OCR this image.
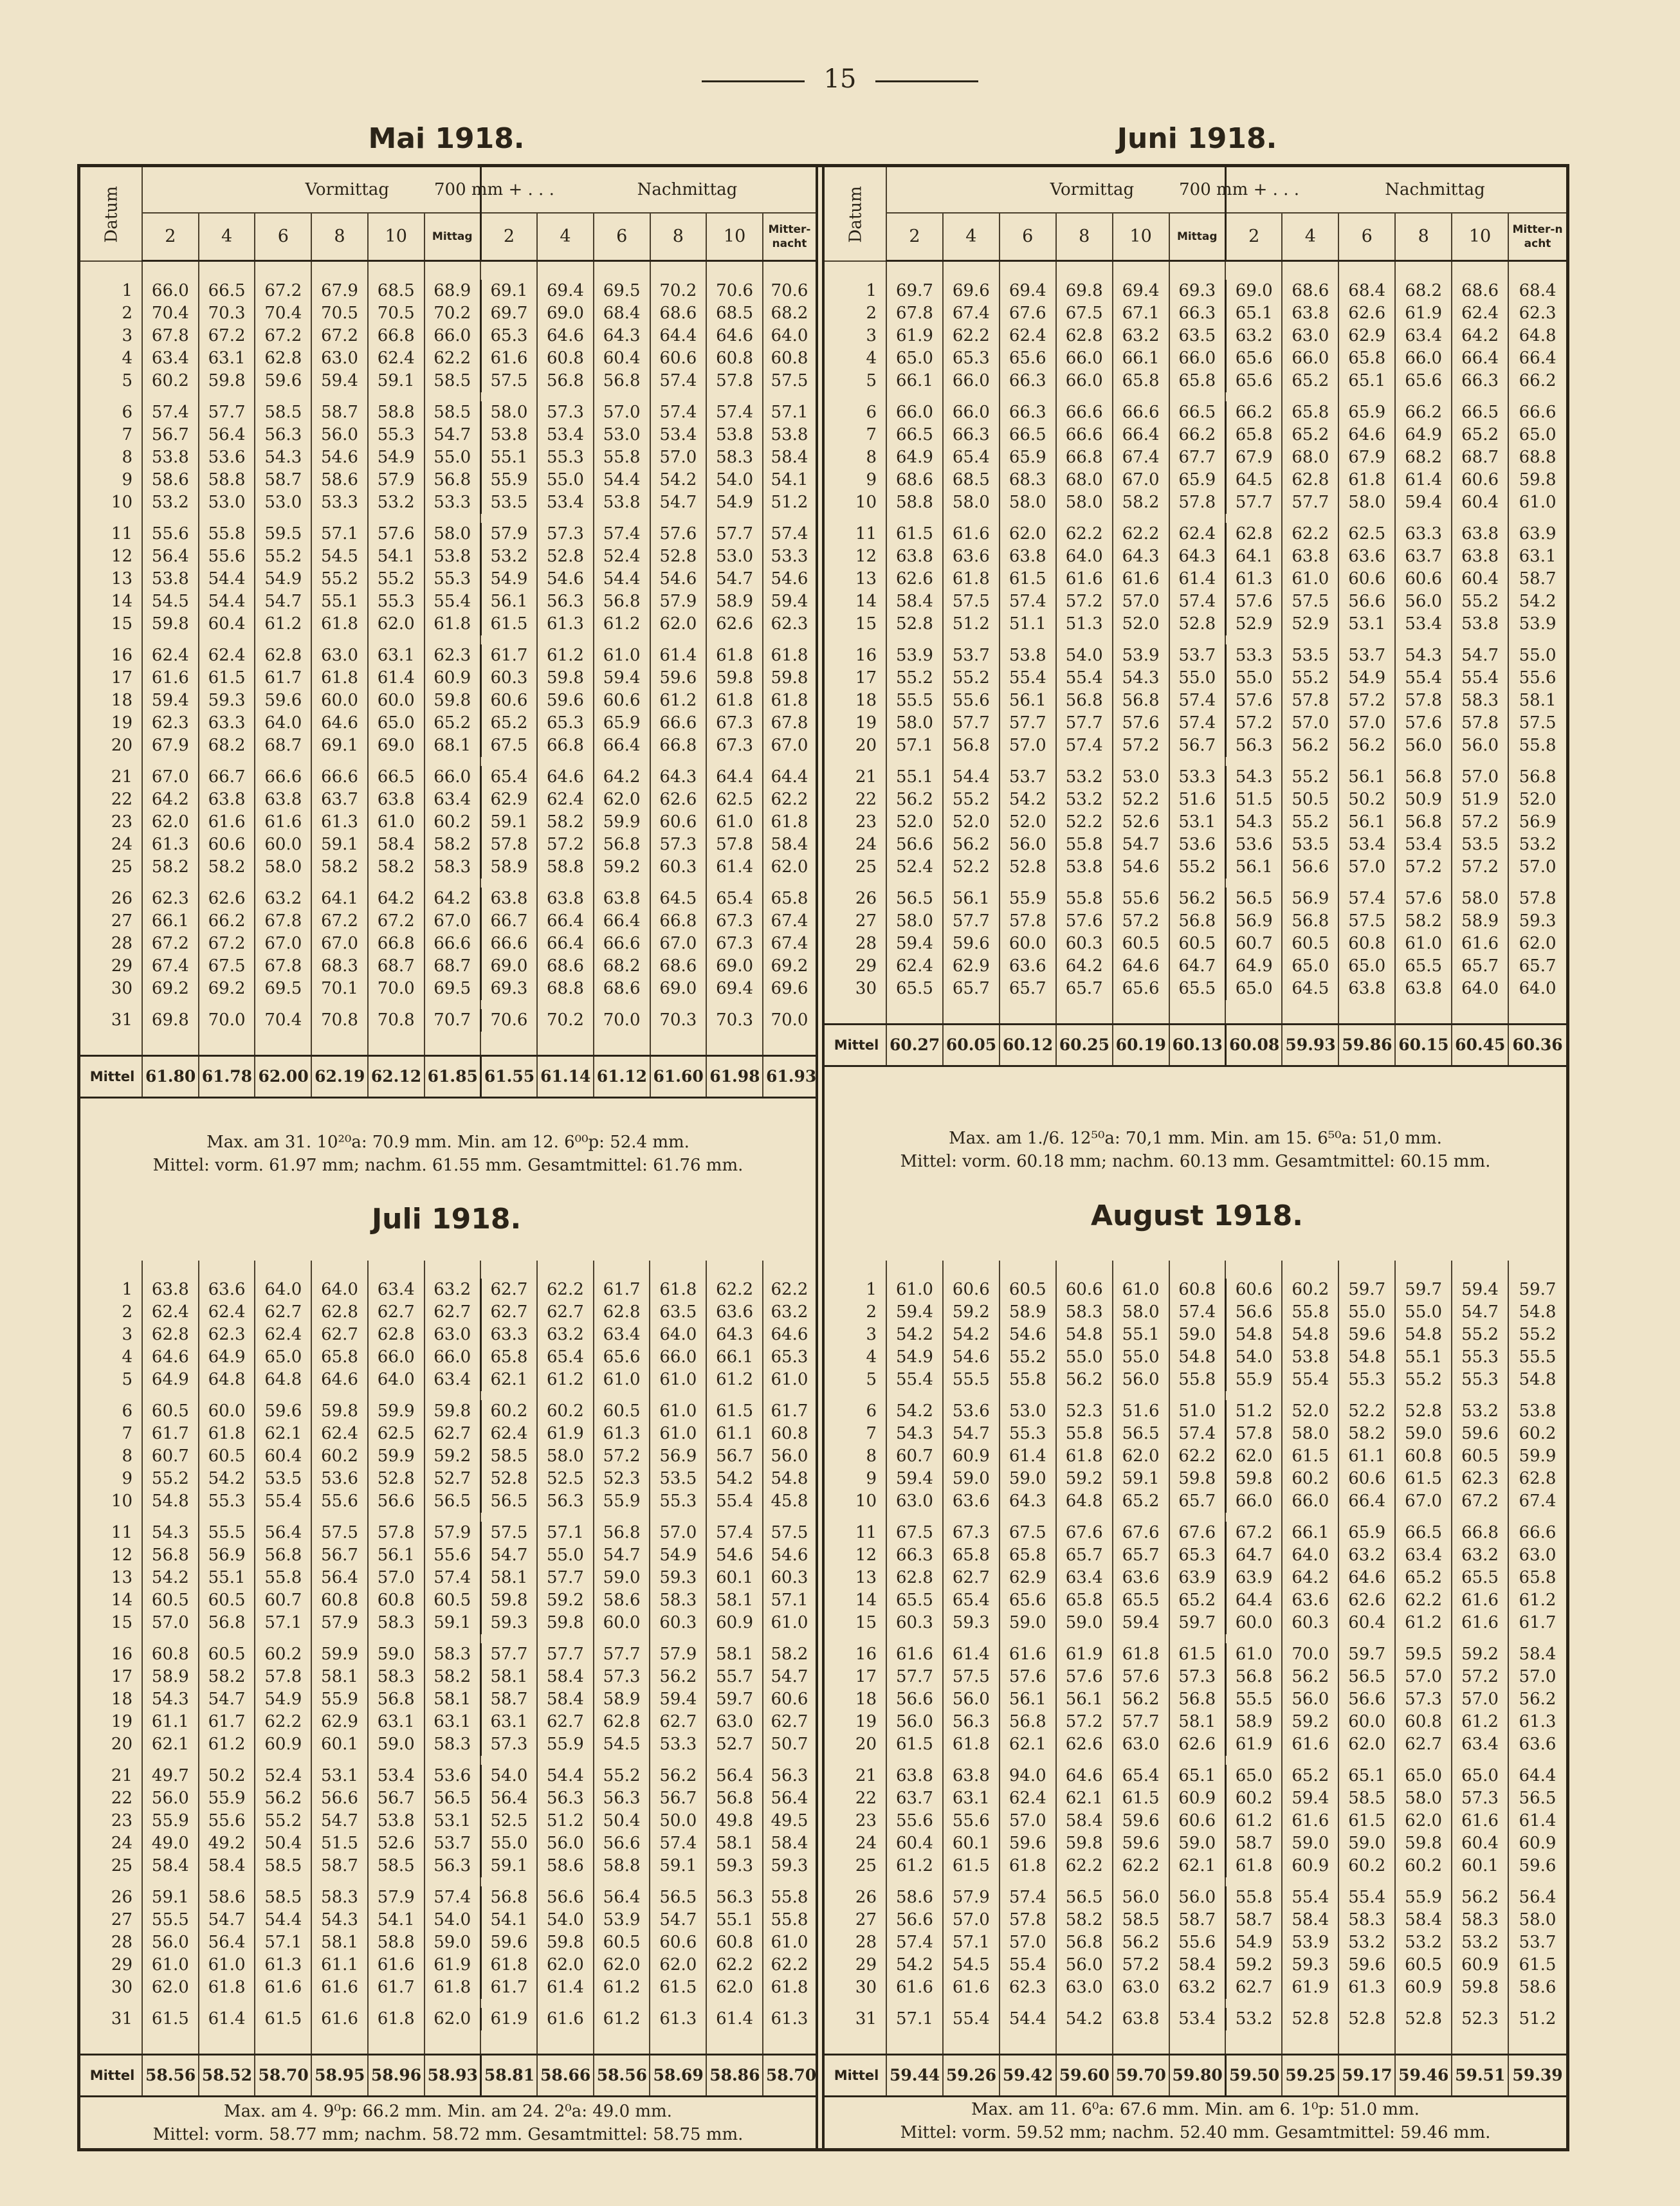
15
Mai 1918.	Juni 1918.
Juli 1918.	August 1918.
Datum	Vormittag 700 mm + . . .						Nachmittag					
	2	4	6	8	10	Mittag	2	4	6	8	10	Mitter-nacht

1	66.0	66.5	67.2	67.9	68.5	68.9	69.1	69.4	69.5	70.2	70.6	70.6
2	70.4	70.3	70.4	70.5	70.5	70.2	69.7	69.0	68.4	68.6	68.5	68.2
3	67.8	67.2	67.2	67.2	66.8	66.0	65.3	64.6	64.3	64.4	64.6	64.0
4	63.4	63.1	62.8	63.0	62.4	62.2	61.6	60.8	60.4	60.6	60.8	60.8
5	60.2	59.8	59.6	59.4	59.1	58.5	57.5	56.8	56.8	57.4	57.8	57.5

6	57.4	57.7	58.5	58.7	58.8	58.5	58.0	57.3	57.0	57.4	57.4	57.1
7	56.7	56.4	56.3	56.0	55.3	54.7	53.8	53.4	53.0	53.4	53.8	53.8
8	53.8	53.6	54.3	54.6	54.9	55.0	55.1	55.3	55.8	57.0	58.3	58.4
9	58.6	58.8	58.7	58.6	57.9	56.8	55.9	55.0	54.4	54.2	54.0	54.1
10	53.2	53.0	53.0	53.3	53.2	53.3	53.5	53.4	53.8	54.7	54.9	51.2

11	55.6	55.8	59.5	57.1	57.6	58.0	57.9	57.3	57.4	57.6	57.7	57.4
12	56.4	55.6	55.2	54.5	54.1	53.8	53.2	52.8	52.4	52.8	53.0	53.3
13	53.8	54.4	54.9	55.2	55.2	55.3	54.9	54.6	54.4	54.6	54.7	54.6
14	54.5	54.4	54.7	55.1	55.3	55.4	56.1	56.3	56.8	57.9	58.9	59.4
15	59.8	60.4	61.2	61.8	62.0	61.8	61.5	61.3	61.2	62.0	62.6	62.3

16	62.4	62.4	62.8	63.0	63.1	62.3	61.7	61.2	61.0	61.4	61.8	61.8
17	61.6	61.5	61.7	61.8	61.4	60.9	60.3	59.8	59.4	59.6	59.8	59.8
18	59.4	59.3	59.6	60.0	60.0	59.8	60.6	59.6	60.6	61.2	61.8	61.8
19	62.3	63.3	64.0	64.6	65.0	65.2	65.2	65.3	65.9	66.6	67.3	67.8
20	67.9	68.2	68.7	69.1	69.0	68.1	67.5	66.8	66.4	66.8	67.3	67.0

21	67.0	66.7	66.6	66.6	66.5	66.0	65.4	64.6	64.2	64.3	64.4	64.4
22	64.2	63.8	63.8	63.7	63.8	63.4	62.9	62.4	62.0	62.6	62.5	62.2
23	62.0	61.6	61.6	61.3	61.0	60.2	59.1	58.2	59.9	60.6	61.0	61.8
24	61.3	60.6	60.0	59.1	58.4	58.2	57.8	57.2	56.8	57.3	57.8	58.4
25	58.2	58.2	58.0	58.2	58.2	58.3	58.9	58.8	59.2	60.3	61.4	62.0

26	62.3	62.6	63.2	64.1	64.2	64.2	63.8	63.8	63.8	64.5	65.4	65.8
27	66.1	66.2	67.8	67.2	67.2	67.0	66.7	66.4	66.4	66.8	67.3	67.4
28	67.2	67.2	67.0	67.0	66.8	66.6	66.6	66.4	66.6	67.0	67.3	67.4
29	67.4	67.5	67.8	68.3	68.7	68.7	69.0	68.6	68.2	68.6	69.0	69.2
30	69.2	69.2	69.5	70.1	70.0	69.5	69.3	68.8	68.6	69.0	69.4	69.6

31	69.8	70.0	70.4	70.8	70.8	70.7	70.6	70.2	70.0	70.3	70.3	70.0

Mittel	61.80	61.78	62.00	62.19	62.12	61.85	61.55	61.14	61.12	61.60	61.98	61.93
Datum	Vormittag 700 mm + . . .						Nachmittag					
	2	4	6	8	10	Mittag	2	4	6	8	10	Mitter-nacht

1	69.7	69.6	69.4	69.8	69.4	69.3	69.0	68.6	68.4	68.2	68.6	68.4
2	67.8	67.4	67.6	67.5	67.1	66.3	65.1	63.8	62.6	61.9	62.4	62.3
3	61.9	62.2	62.4	62.8	63.2	63.5	63.2	63.0	62.9	63.4	64.2	64.8
4	65.0	65.3	65.6	66.0	66.1	66.0	65.6	66.0	65.8	66.0	66.4	66.4
5	66.1	66.0	66.3	66.0	65.8	65.8	65.6	65.2	65.1	65.6	66.3	66.2

6	66.0	66.0	66.3	66.6	66.6	66.5	66.2	65.8	65.9	66.2	66.5	66.6
7	66.5	66.3	66.5	66.6	66.4	66.2	65.8	65.2	64.6	64.9	65.2	65.0
8	64.9	65.4	65.9	66.8	67.4	67.7	67.9	68.0	67.9	68.2	68.7	68.8
9	68.6	68.5	68.3	68.0	67.0	65.9	64.5	62.8	61.8	61.4	60.6	59.8
10	58.8	58.0	58.0	58.0	58.2	57.8	57.7	57.7	58.0	59.4	60.4	61.0

11	61.5	61.6	62.0	62.2	62.2	62.4	62.8	62.2	62.5	63.3	63.8	63.9
12	63.8	63.6	63.8	64.0	64.3	64.3	64.1	63.8	63.6	63.7	63.8	63.1
13	62.6	61.8	61.5	61.6	61.6	61.4	61.3	61.0	60.6	60.6	60.4	58.7
14	58.4	57.5	57.4	57.2	57.0	57.4	57.6	57.5	56.6	56.0	55.2	54.2
15	52.8	51.2	51.1	51.3	52.0	52.8	52.9	52.9	53.1	53.4	53.8	53.9

16	53.9	53.7	53.8	54.0	53.9	53.7	53.3	53.5	53.7	54.3	54.7	55.0
17	55.2	55.2	55.4	55.4	54.3	55.0	55.0	55.2	54.9	55.4	55.4	55.6
18	55.5	55.6	56.1	56.8	56.8	57.4	57.6	57.8	57.2	57.8	58.3	58.1
19	58.0	57.7	57.7	57.7	57.6	57.4	57.2	57.0	57.0	57.6	57.8	57.5
20	57.1	56.8	57.0	57.4	57.2	56.7	56.3	56.2	56.2	56.0	56.0	55.8

21	55.1	54.4	53.7	53.2	53.0	53.3	54.3	55.2	56.1	56.8	57.0	56.8
22	56.2	55.2	54.2	53.2	52.2	51.6	51.5	50.5	50.2	50.9	51.9	52.0
23	52.0	52.0	52.0	52.2	52.6	53.1	54.3	55.2	56.1	56.8	57.2	56.9
24	56.6	56.2	56.0	55.8	54.7	53.6	53.6	53.5	53.4	53.4	53.5	53.2
25	52.4	52.2	52.8	53.8	54.6	55.2	56.1	56.6	57.0	57.2	57.2	57.0

26	56.5	56.1	55.9	55.8	55.6	56.2	56.5	56.9	57.4	57.6	58.0	57.8
27	58.0	57.7	57.8	57.6	57.2	56.8	56.9	56.8	57.5	58.2	58.9	59.3
28	59.4	59.6	60.0	60.3	60.5	60.5	60.7	60.5	60.8	61.0	61.6	62.0
29	62.4	62.9	63.6	64.2	64.6	64.7	64.9	65.0	65.0	65.5	65.7	65.7
30	65.5	65.7	65.7	65.7	65.6	65.5	65.0	64.5	63.8	63.8	64.0	64.0

Mittel	60.27	60.05	60.12	60.25	60.19	60.13	60.08	59.93	59.86	60.15	60.45	60.36

1	63.8	63.6	64.0	64.0	63.4	63.2	62.7	62.2	61.7	61.8	62.2	62.2
2	62.4	62.4	62.7	62.8	62.7	62.7	62.7	62.7	62.8	63.5	63.6	63.2
3	62.8	62.3	62.4	62.7	62.8	63.0	63.3	63.2	63.4	64.0	64.3	64.6
4	64.6	64.9	65.0	65.8	66.0	66.0	65.8	65.4	65.6	66.0	66.1	65.3
5	64.9	64.8	64.8	64.6	64.0	63.4	62.1	61.2	61.0	61.0	61.2	61.0

6	60.5	60.0	59.6	59.8	59.9	59.8	60.2	60.2	60.5	61.0	61.5	61.7
7	61.7	61.8	62.1	62.4	62.5	62.7	62.4	61.9	61.3	61.0	61.1	60.8
8	60.7	60.5	60.4	60.2	59.9	59.2	58.5	58.0	57.2	56.9	56.7	56.0
9	55.2	54.2	53.5	53.6	52.8	52.7	52.8	52.5	52.3	53.5	54.2	54.8
10	54.8	55.3	55.4	55.6	56.6	56.5	56.5	56.3	55.9	55.3	55.4	45.8

11	54.3	55.5	56.4	57.5	57.8	57.9	57.5	57.1	56.8	57.0	57.4	57.5
12	56.8	56.9	56.8	56.7	56.1	55.6	54.7	55.0	54.7	54.9	54.6	54.6
13	54.2	55.1	55.8	56.4	57.0	57.4	58.1	57.7	59.0	59.3	60.1	60.3
14	60.5	60.5	60.7	60.8	60.8	60.5	59.8	59.2	58.6	58.3	58.1	57.1
15	57.0	56.8	57.1	57.9	58.3	59.1	59.3	59.8	60.0	60.3	60.9	61.0

16	60.8	60.5	60.2	59.9	59.0	58.3	57.7	57.7	57.7	57.9	58.1	58.2
17	58.9	58.2	57.8	58.1	58.3	58.2	58.1	58.4	57.3	56.2	55.7	54.7
18	54.3	54.7	54.9	55.9	56.8	58.1	58.7	58.4	58.9	59.4	59.7	60.6
19	61.1	61.7	62.2	62.9	63.1	63.1	63.1	62.7	62.8	62.7	63.0	62.7
20	62.1	61.2	60.9	60.1	59.0	58.3	57.3	55.9	54.5	53.3	52.7	50.7

21	49.7	50.2	52.4	53.1	53.4	53.6	54.0	54.4	55.2	56.2	56.4	56.3
22	56.0	55.9	56.2	56.6	56.7	56.5	56.4	56.3	56.3	56.7	56.8	56.4
23	55.9	55.6	55.2	54.7	53.8	53.1	52.5	51.2	50.4	50.0	49.8	49.5
24	49.0	49.2	50.4	51.5	52.6	53.7	55.0	56.0	56.6	57.4	58.1	58.4
25	58.4	58.4	58.5	58.7	58.5	56.3	59.1	58.6	58.8	59.1	59.3	59.3

26	59.1	58.6	58.5	58.3	57.9	57.4	56.8	56.6	56.4	56.5	56.3	55.8
27	55.5	54.7	54.4	54.3	54.1	54.0	54.1	54.0	53.9	54.7	55.1	55.8
28	56.0	56.4	57.1	58.1	58.8	59.0	59.6	59.8	60.5	60.6	60.8	61.0
29	61.0	61.0	61.3	61.1	61.6	61.9	61.8	62.0	62.0	62.0	62.2	62.2
30	62.0	61.8	61.6	61.6	61.7	61.8	61.7	61.4	61.2	61.5	62.0	61.8

31	61.5	61.4	61.5	61.6	61.8	62.0	61.9	61.6	61.2	61.3	61.4	61.3

Mittel	58.56	58.52	58.70	58.95	58.96	58.93	58.81	58.66	58.56	58.69	58.86	58.70

1	61.0	60.6	60.5	60.6	61.0	60.8	60.6	60.2	59.7	59.7	59.4	59.7
2	59.4	59.2	58.9	58.3	58.0	57.4	56.6	55.8	55.0	55.0	54.7	54.8
3	54.2	54.2	54.6	54.8	55.1	59.0	54.8	54.8	59.6	54.8	55.2	55.2
4	54.9	54.6	55.2	55.0	55.0	54.8	54.0	53.8	54.8	55.1	55.3	55.5
5	55.4	55.5	55.8	56.2	56.0	55.8	55.9	55.4	55.3	55.2	55.3	54.8

6	54.2	53.6	53.0	52.3	51.6	51.0	51.2	52.0	52.2	52.8	53.2	53.8
7	54.3	54.7	55.3	55.8	56.5	57.4	57.8	58.0	58.2	59.0	59.6	60.2
8	60.7	60.9	61.4	61.8	62.0	62.2	62.0	61.5	61.1	60.8	60.5	59.9
9	59.4	59.0	59.0	59.2	59.1	59.8	59.8	60.2	60.6	61.5	62.3	62.8
10	63.0	63.6	64.3	64.8	65.2	65.7	66.0	66.0	66.4	67.0	67.2	67.4

11	67.5	67.3	67.5	67.6	67.6	67.6	67.2	66.1	65.9	66.5	66.8	66.6
12	66.3	65.8	65.8	65.7	65.7	65.3	64.7	64.0	63.2	63.4	63.2	63.0
13	62.8	62.7	62.9	63.4	63.6	63.9	63.9	64.2	64.6	65.2	65.5	65.8
14	65.5	65.4	65.6	65.8	65.5	65.2	64.4	63.6	62.6	62.2	61.6	61.2
15	60.3	59.3	59.0	59.0	59.4	59.7	60.0	60.3	60.4	61.2	61.6	61.7

16	61.6	61.4	61.6	61.9	61.8	61.5	61.0	70.0	59.7	59.5	59.2	58.4
17	57.7	57.5	57.6	57.6	57.6	57.3	56.8	56.2	56.5	57.0	57.2	57.0
18	56.6	56.0	56.1	56.1	56.2	56.8	55.5	56.0	56.6	57.3	57.0	56.2
19	56.0	56.3	56.8	57.2	57.7	58.1	58.9	59.2	60.0	60.8	61.2	61.3
20	61.5	61.8	62.1	62.6	63.0	62.6	61.9	61.6	62.0	62.7	63.4	63.6

21	63.8	63.8	94.0	64.6	65.4	65.1	65.0	65.2	65.1	65.0	65.0	64.4
22	63.7	63.1	62.4	62.1	61.5	60.9	60.2	59.4	58.5	58.0	57.3	56.5
23	55.6	55.6	57.0	58.4	59.6	60.6	61.2	61.6	61.5	62.0	61.6	61.4
24	60.4	60.1	59.6	59.8	59.6	59.0	58.7	59.0	59.0	59.8	60.4	60.9
25	61.2	61.5	61.8	62.2	62.2	62.1	61.8	60.9	60.2	60.2	60.1	59.6

26	58.6	57.9	57.4	56.5	56.0	56.0	55.8	55.4	55.4	55.9	56.2	56.4
27	56.6	57.0	57.8	58.2	58.5	58.7	58.7	58.4	58.3	58.4	58.3	58.0
28	57.4	57.1	57.0	56.8	56.2	55.6	54.9	53.9	53.2	53.2	53.2	53.7
29	54.2	54.5	55.4	56.0	57.2	58.4	59.2	59.3	59.6	60.5	60.9	61.5
30	61.6	61.6	62.3	63.0	63.0	63.2	62.7	61.9	61.3	60.9	59.8	58.6

31	57.1	55.4	54.4	54.2	63.8	53.4	53.2	52.8	52.8	52.8	52.3	51.2

Mittel	59.44	59.26	59.42	59.60	59.70	59.80	59.50	59.25	59.17	59.46	59.51	59.39
Max. am 31. 10²⁰a: 70.9 mm. Min. am 12. 6⁰⁰p: 52.4 mm.
Mittel: vorm. 61.97 mm; nachm. 61.55 mm. Gesamtmittel: 61.76 mm.
Max. am 1./6. 12⁵⁰a: 70,1 mm. Min. am 15. 6⁵⁰a: 51,0 mm.
Mittel: vorm. 60.18 mm; nachm. 60.13 mm. Gesamtmittel: 60.15 mm.
Max. am 4. 9⁰p: 66.2 mm. Min. am 24. 2⁰a: 49.0 mm.
Mittel: vorm. 58.77 mm; nachm. 58.72 mm. Gesamtmittel: 58.75 mm.
Max. am 11. 6⁰a: 67.6 mm. Min. am 6. 1⁰p: 51.0 mm.
Mittel: vorm. 59.52 mm; nachm. 52.40 mm. Gesamtmittel: 59.46 mm.
